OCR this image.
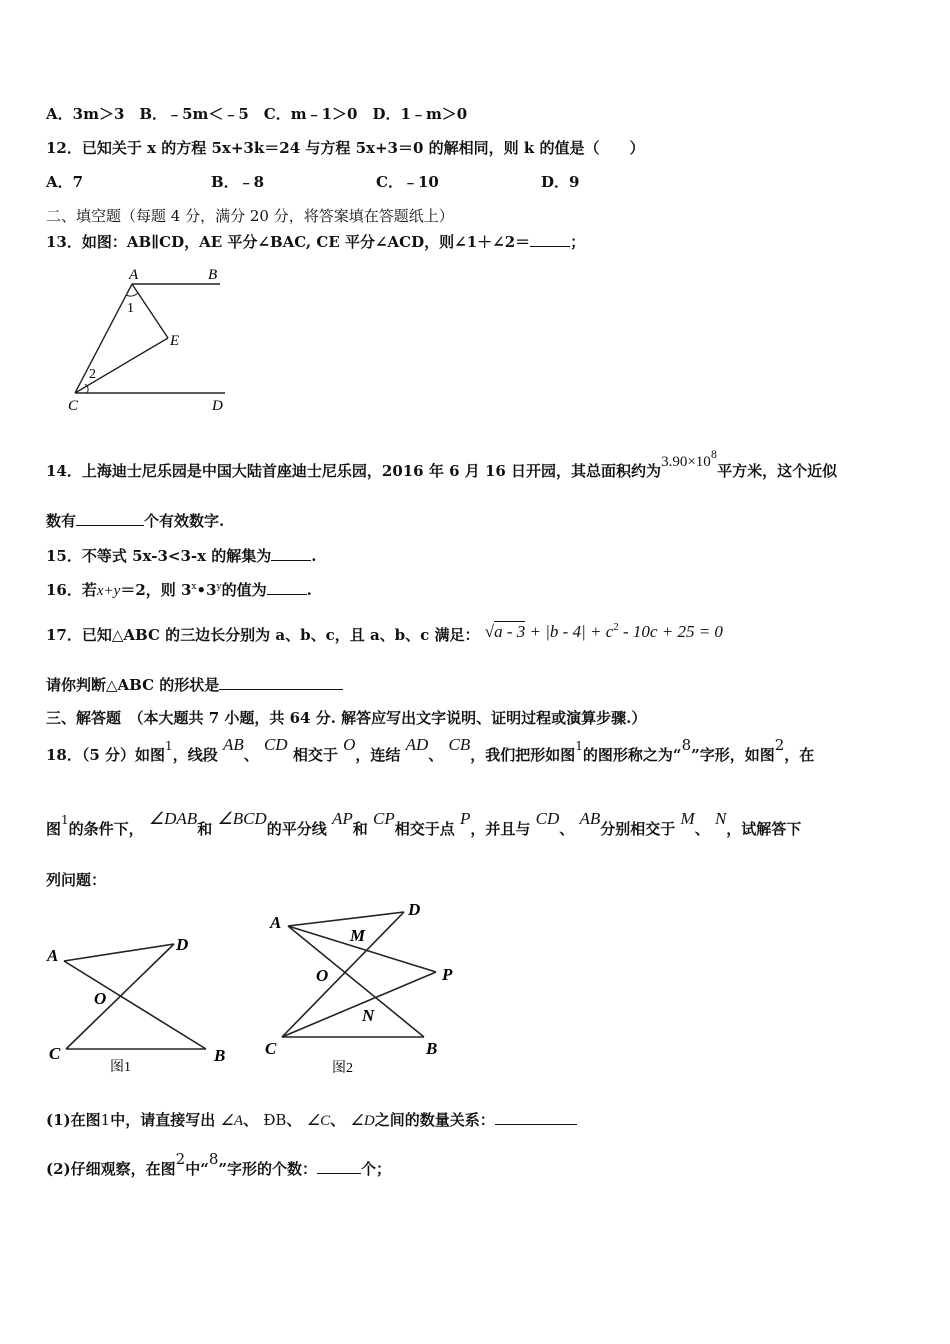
A．3m＞3　B．﹣5m＜﹣5　C．m﹣1＞0　D．1﹣m＞0
12．已知关于 x 的方程 5x+3k＝24 与方程 5x+3＝0 的解相同，则 k 的值是（　　）
A．7	B．﹣8	C．﹣10	D．9
二、填空题（每题 4 分，满分 20 分，将答案填在答题纸上）
13．如图：AB∥CD，AE 平分∠BAC, CE 平分∠ACD，则∠1＋∠2＝	；
A	B
C	D
E
1
2
14．上海迪士尼乐园是中国大陆首座迪士尼乐园，2016 年 6 月 16 日开园，其总面积约为$3.90\times 10^8$平方米，这个近似
数有	个有效数字.
15．不等式 5x-3<3-x 的解集为	.
16．若x+y＝2，则 3$^x$•3$^y$的值为	.
17．已知△ABC 的三边长分别为 a、b、c，且 a、b、c 满足： $√a - 3 + |b - 4| + c^2 - 10c + 25 = 0$
请你判断△ABC 的形状是
三、解答题　（本大题共 7 小题，共 64 分. 解答应写出文字说明、证明过程或演算步骤.）
18．（5 分）如图$^1$，线段 AB、 CD 相交于 O，连结 AD、 CB，我们把形如图$^1$的图形称之为“8”字形，如图2，在
图$^1$的条件下， ∠DAB和 ∠BCD的平分线 AP和 CP相交于点 P，并且与 CD、 AB分别相交于 M、 N，试解答下
列问题：
A
D
O
C	B
图1
A
D
M
O	P
N
C	B
图2
(1)在图1中，请直接写出 ∠A、 ÐB、 ∠C、 ∠D之间的数量关系：
(2)仔细观察，在图2中“8”字形的个数：	个；
